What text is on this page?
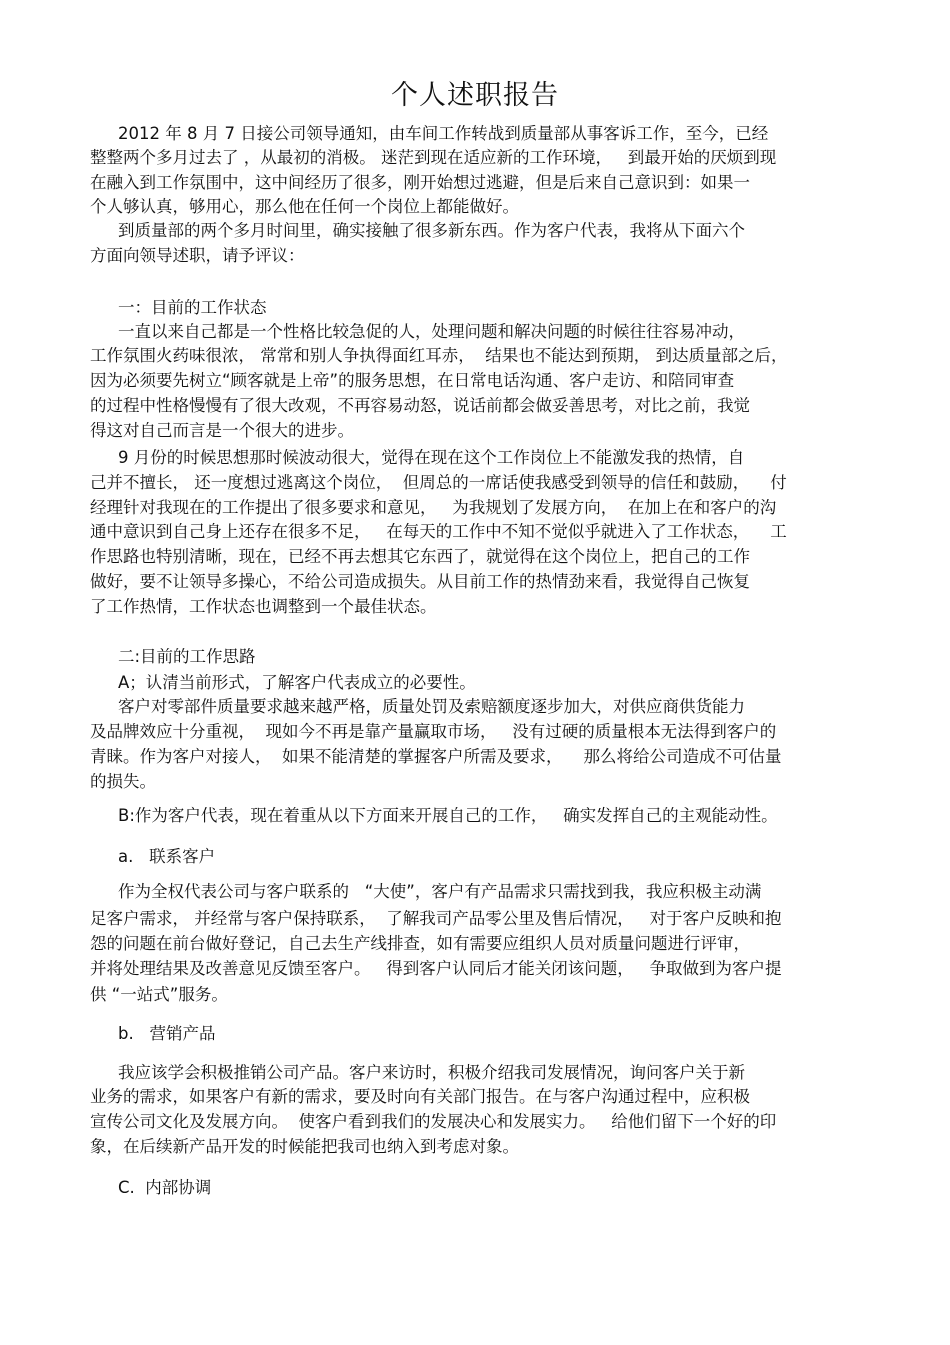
个人述职报告
2012 年 8 月 7 日接公司领导通知，由车间工作转战到质量部从事客诉工作，至今，已经
整整两个多月过去了 ，从最初的消极。 迷茫到现在适应新的工作环境，   到最开始的厌烦到现
在融入到工作氛围中，这中间经历了很多，刚开始想过逃避，但是后来自己意识到：如果一
个人够认真，够用心，那么他在任何一个岗位上都能做好。
到质量部的两个多月时间里，确实接触了很多新东西。作为客户代表，我将从下面六个
方面向领导述职，请予评议：
一：目前的工作状态
一直以来自己都是一个性格比较急促的人，处理问题和解决问题的时候往往容易冲动，
工作氛围火药味很浓， 常常和别人争执得面红耳赤，  结果也不能达到预期， 到达质量部之后，
因为必须要先树立“顾客就是上帝”的服务思想，在日常电话沟通、客户走访、和陪同审查
的过程中性格慢慢有了很大改观，不再容易动怒，说话前都会做妥善思考，对比之前，我觉
得这对自己而言是一个很大的进步。
9 月份的时候思想那时候波动很大，觉得在现在这个工作岗位上不能激发我的热情，自
己并不擅长， 还一度想过逃离这个岗位，  但周总的一席话使我感受到领导的信任和鼓励，    付
经理针对我现在的工作提出了很多要求和意见，   为我规划了发展方向，  在加上在和客户的沟
通中意识到自己身上还存在很多不足，   在每天的工作中不知不觉似乎就进入了工作状态，    工
作思路也特别清晰，现在，已经不再去想其它东西了，就觉得在这个岗位上，把自己的工作
做好，要不让领导多操心，不给公司造成损失。从目前工作的热情劲来看，我觉得自己恢复
了工作热情，工作状态也调整到一个最佳状态。
二:目前的工作思路
A；认清当前形式，了解客户代表成立的必要性。
客户对零部件质量要求越来越严格，质量处罚及索赔额度逐步加大，对供应商供货能力
及品牌效应十分重视，  现如今不再是靠产量赢取市场，   没有过硬的质量根本无法得到客户的
青睐。作为客户对接人，  如果不能清楚的掌握客户所需及要求，    那么将给公司造成不可估量
的损失。
B:作为客户代表，现在着重从以下方面来开展自己的工作，   确实发挥自己的主观能动性。
a.   联系客户
作为全权代表公司与客户联系的   “大使”，客户有产品需求只需找到我，我应积极主动满
足客户需求， 并经常与客户保持联系，  了解我司产品零公里及售后情况，   对于客户反映和抱
怨的问题在前台做好登记，自己去生产线排查，如有需要应组织人员对质量问题进行评审，
并将处理结果及改善意见反馈至客户。   得到客户认同后才能关闭该问题，   争取做到为客户提
供 “一站式”服务。
b.   营销产品
我应该学会积极推销公司产品。客户来访时，积极介绍我司发展情况，询问客户关于新
业务的需求，如果客户有新的需求，要及时向有关部门报告。在与客户沟通过程中，应积极
宣传公司文化及发展方向。  使客户看到我们的发展决心和发展实力。   给他们留下一个好的印
象，在后续新产品开发的时候能把我司也纳入到考虑对象。
C.  内部协调
